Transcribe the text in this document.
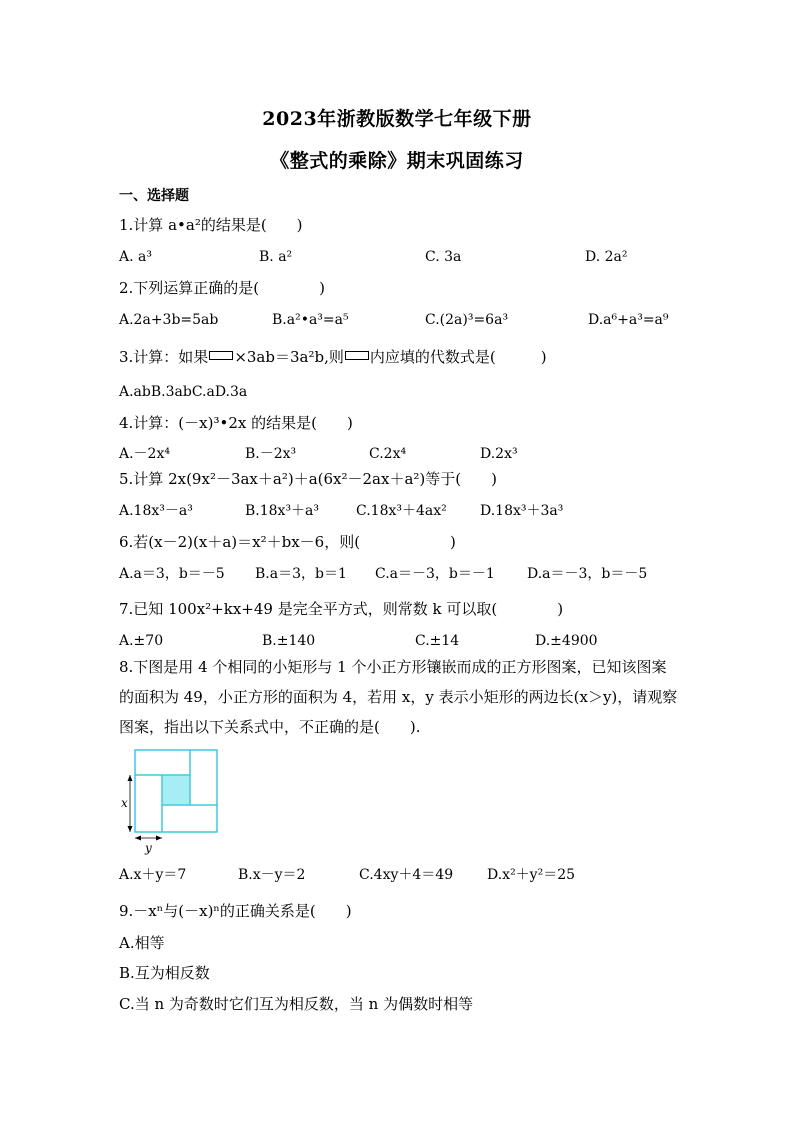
2023年浙教版数学七年级下册
《整式的乘除》期末巩固练习
一、选择题
1.计算 a•a²的结果是(　　)
A. a³	B. a²	C. 3a	D. 2a²
2.下列运算正确的是(　　　　)
A.2a+3b=5ab	B.a²•a³=a⁵	C.(2a)³=6a³	D.a⁶+a³=a⁹
3.计算：如果 ×3ab＝3a²b,则 内应填的代数式是(　　　)
A.abB.3abC.aD.3a
4.计算：(－x)³•2x 的结果是(　　)
A.－2x⁴	B.－2x³	C.2x⁴	D.2x³
5.计算 2x(9x²－3ax＋a²)＋a(6x²－2ax＋a²)等于(　　)
A.18x³－a³	B.18x³＋a³	C.18x³＋4ax² D.18x³＋3a³
6.若(x－2)(x＋a)＝x²＋bx－6，则(　　　　　　)
A.a＝3，b＝－5 B.a＝3，b＝1 C.a＝－3，b＝－1 D.a＝－3，b＝－5
7.已知 100x²+kx+49 是完全平方式，则常数 k 可以取(　　　　)
A.±70	B.±140	C.±14	D.±4900
8.下图是用 4 个相同的小矩形与 1 个小正方形镶嵌而成的正方形图案，已知该图案
的面积为 49，小正方形的面积为 4，若用 x，y 表示小矩形的两边长(x＞y)，请观察
图案，指出以下关系式中，不正确的是(　　).
x
y
A.x＋y＝7	B.x－y＝2	C.4xy＋4＝49 D.x²＋y²＝25
9.－xⁿ与(－x)ⁿ的正确关系是(　　)
A.相等
B.互为相反数
C.当 n 为奇数时它们互为相反数，当 n 为偶数时相等
